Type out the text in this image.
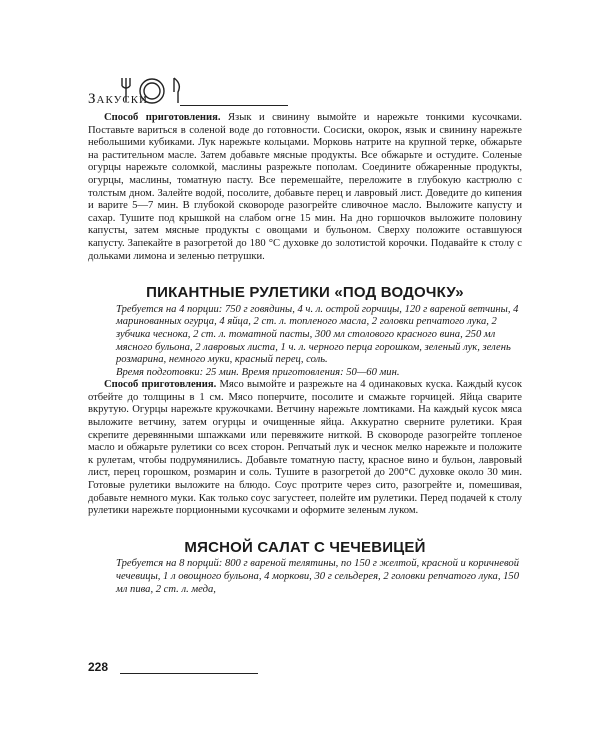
Закуски

Способ приготовления. Язык и свинину вымойте и нарежьте тонкими кусочками. Поставьте вариться в соленой воде до готовности. Сосиски, окорок, язык и свинину нарежьте небольшими кубиками. Лук нарежьте кольцами. Морковь натрите на крупной терке, обжарьте на растительном масле. Затем добавьте мясные продукты. Все обжарьте и остудите. Соленые огурцы нарежьте соломкой, маслины разрежьте пополам. Соедините обжаренные продукты, огурцы, маслины, томатную пасту. Все перемешайте, переложите в глубокую кастрюлю с толстым дном. Залейте водой, посолите, добавьте перец и лавровый лист. Доведите до кипения и варите 5—7 мин. В глубокой сковороде разогрейте сливочное масло. Выложите капусту и сахар. Тушите под крышкой на слабом огне 15 мин. На дно горшочков выложите половину капусты, затем мясные продукты с овощами и бульоном. Сверху положите оставшуюся капусту. Запекайте в разогретой до 180 °С духовке до золотистой корочки. Подавайте к столу с дольками лимона и зеленью петрушки.

ПИКАНТНЫЕ РУЛЕТИКИ «ПОД ВОДОЧКУ»

Требуется на 4 порции: 750 г говядины, 4 ч. л. острой горчицы, 120 г вареной ветчины, 4 маринованных огурца, 4 яйца, 2 ст. л. топленого масла, 2 головки репчатого лука, 2 зубчика чеснока, 2 ст. л. томатной пасты, 300 мл столового красного вина, 250 мл мясного бульона, 2 лавровых листа, 1 ч. л. черного перца горошком, зеленый лук, зелень розмарина, немного муки, красный перец, соль.

Время подготовки: 25 мин. Время приготовления: 50—60 мин.

Способ приготовления. Мясо вымойте и разрежьте на 4 одинаковых куска. Каждый кусок отбейте до толщины в 1 см. Мясо поперчите, посолите и смажьте горчицей. Яйца сварите вкрутую. Огурцы нарежьте кружочками. Ветчину нарежьте ломтиками. На каждый кусок мяса выложите ветчину, затем огурцы и очищенные яйца. Аккуратно сверните рулетики. Края скрепите деревянными шпажками или перевяжите ниткой. В сковороде разогрейте топленое масло и обжарьте рулетики со всех сторон. Репчатый лук и чеснок мелко нарежьте и положите к рулетам, чтобы подрумянились. Добавьте томатную пасту, красное вино и бульон, лавровый лист, перец горошком, розмарин и соль. Тушите в разогретой до 200°С духовке около 30 мин. Готовые рулетики выложите на блюдо. Соус протрите через сито, разогрейте и, помешивая, добавьте немного муки. Как только соус загустеет, полейте им рулетики. Перед подачей к столу рулетики нарежьте порционными кусочками и оформите зеленым луком.

МЯСНОЙ САЛАТ С ЧЕЧЕВИЦЕЙ

Требуется на 8 порций: 800 г вареной телятины, по 150 г желтой, красной и коричневой чечевицы, 1 л овощного бульона, 4 моркови, 30 г сельдерея, 2 головки репчатого лука, 150 мл пива, 2 ст. л. меда,

228
